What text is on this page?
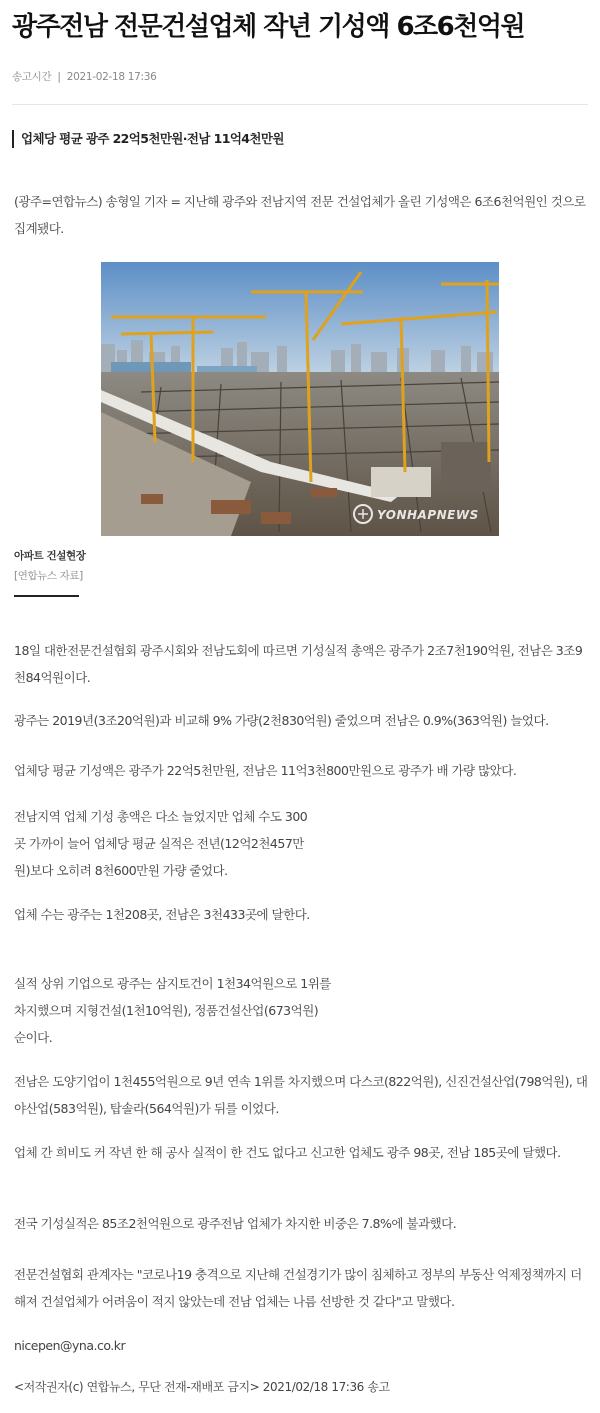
광주전남 전문건설업체 작년 기성액 6조6천억원
송고시간 | 2021-02-18 17:36
업체당 평균 광주 22억5천만원·전남 11억4천만원

(광주=연합뉴스) 송형일 기자 = 지난해 광주와 전남지역 전문 건설업체가 올린 기성액은 6조6천억원인 것으로 집계됐다.

YONHAPNEWS
아파트 건설현장
[연합뉴스 자료]

18일 대한전문건설협회 광주시회와 전남도회에 따르면 기성실적 총액은 광주가 2조7천190억원, 전남은 3조9천84억원이다.

광주는 2019년(3조20억원)과 비교해 9% 가량(2천830억원) 줄었으며 전남은 0.9%(363억원) 늘었다.

업체당 평균 기성액은 광주가 22억5천만원, 전남은 11억3천800만원으로 광주가 배 가량 많았다.

전남지역 업체 기성 총액은 다소 늘었지만 업체 수도 300곳 가까이 늘어 업체당 평균 실적은 전년(12억2천457만원)보다 오히려 8천600만원 가량 줄었다.

업체 수는 광주는 1천208곳, 전남은 3천433곳에 달한다.

실적 상위 기업으로 광주는 삼지토건이 1천34억원으로 1위를 차지했으며 지형건설(1천10억원), 정품건설산업(673억원) 순이다.

전남은 도양기업이 1천455억원으로 9년 연속 1위를 차지했으며 다스코(822억원), 신진건설산업(798억원), 대야산업(583억원), 탑솔라(564억원)가 뒤를 이었다.

업체 간 희비도 커 작년 한 해 공사 실적이 한 건도 없다고 신고한 업체도 광주 98곳, 전남 185곳에 달했다.

전국 기성실적은 85조2천억원으로 광주전남 업체가 차지한 비중은 7.8%에 불과했다.

전문건설협회 관계자는 "코로나19 충격으로 지난해 건설경기가 많이 침체하고 정부의 부동산 억제정책까지 더해져 건설업체가 어려움이 적지 않았는데 전남 업체는 나름 선방한 것 같다"고 말했다.

nicepen@yna.co.kr

<저작권자(c) 연합뉴스, 무단 전재-재배포 금지> 2021/02/18 17:36 송고
